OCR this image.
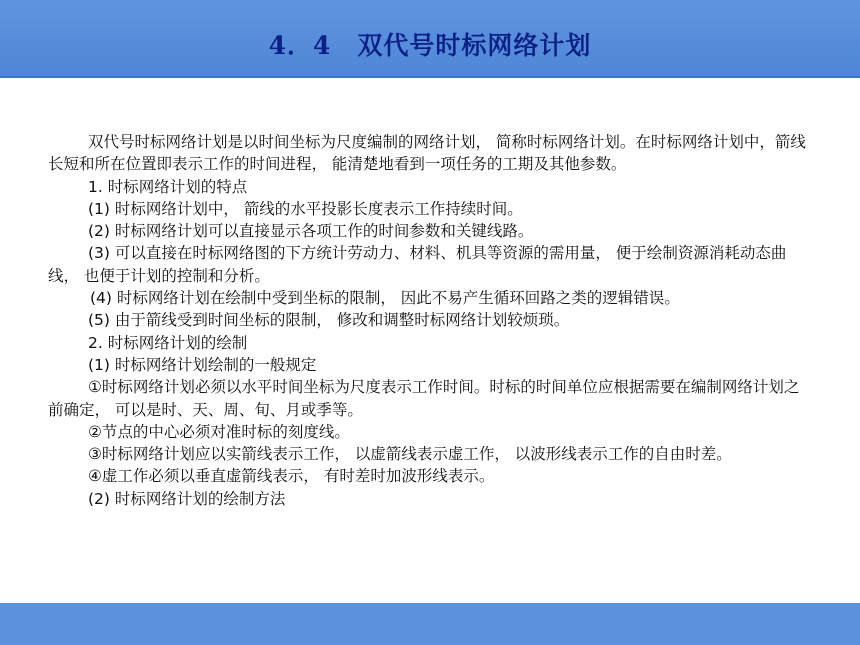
4．4　双代号时标网络计划

双代号时标网络计划是以时间坐标为尺度编制的网络计划， 简称时标网络计划。在时标网络计划中，箭线长短和所在位置即表示工作的时间进程， 能清楚地看到一项任务的工期及其他参数。

1. 时标网络计划的特点

(1) 时标网络计划中， 箭线的水平投影长度表示工作持续时间。

(2) 时标网络计划可以直接显示各项工作的时间参数和关键线路。

(3) 可以直接在时标网络图的下方统计劳动力、材料、机具等资源的需用量， 便于绘制资源消耗动态曲线， 也便于计划的控制和分析。

(4) 时标网络计划在绘制中受到坐标的限制， 因此不易产生循环回路之类的逻辑错误。

(5) 由于箭线受到时间坐标的限制， 修改和调整时标网络计划较烦琐。

2. 时标网络计划的绘制

(1) 时标网络计划绘制的一般规定

①时标网络计划必须以水平时间坐标为尺度表示工作时间。时标的时间单位应根据需要在编制网络计划之前确定， 可以是时、天、周、旬、月或季等。

②节点的中心必须对准时标的刻度线。

③时标网络计划应以实箭线表示工作， 以虚箭线表示虚工作， 以波形线表示工作的自由时差。

④虚工作必须以垂直虚箭线表示， 有时差时加波形线表示。

(2) 时标网络计划的绘制方法
